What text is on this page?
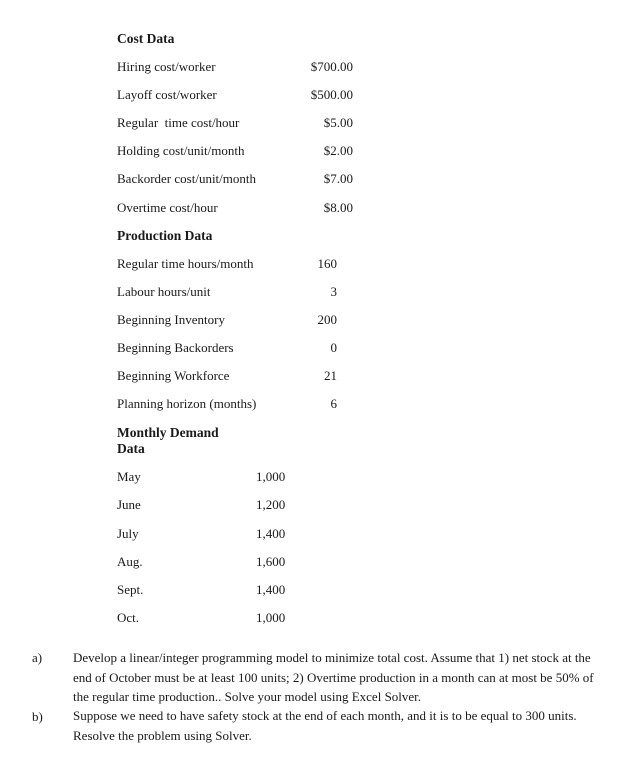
Cost Data
Hiring cost/worker	$700.00
Layoff cost/worker	$500.00
Regular  time cost/hour	$5.00
Holding cost/unit/month	$2.00
Backorder cost/unit/month	$7.00
Overtime cost/hour	$8.00
Production Data
Regular time hours/month	160
Labour hours/unit	3
Beginning Inventory	200
Beginning Backorders	0
Beginning Workforce	21
Planning horizon (months)	6
Monthly Demand
Data
May	1,000
June	1,200
July	1,400
Aug.	1,600
Sept.	1,400
Oct.	1,000
a) Develop a linear/integer programming model to minimize total cost. Assume that 1) net stock at the end of October must be at least 100 units; 2) Overtime production in a month can at most be 50% of the regular time production.. Solve your model using Excel Solver.
b) Suppose we need to have safety stock at the end of each month, and it is to be equal to 300 units. Resolve the problem using Solver.
